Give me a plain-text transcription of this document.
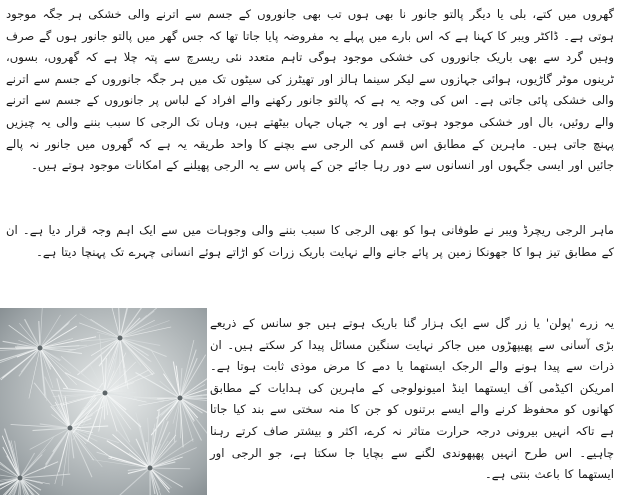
گھروں میں کتے، بلی یا دیگر پالتو جانور نا بھی ہوں تب بھی جانوروں کے جسم سے اترنے والی خشکی ہر جگہ موجود ہوتی ہے۔ ڈاکٹر ویبر کا کہنا ہے کہ اس بارے میں پہلے یہ مفروضہ پایا جاتا تھا کہ جس گھر میں پالتو جانور ہوں گے صرف وہیں گرد سے بھی باریک جانوروں کی خشکی موجود ہوگی تاہم متعدد نئی ریسرچ سے پتہ چلا ہے کہ گھروں، بسوں، ٹرینوں موٹر گاڑیوں، ہوائی جہازوں سے لیکر سینما ہالز اور تھیٹرز کی سیٹوں تک میں ہر جگہ جانوروں کے جسم سے اترنے والی خشکی پائی جاتی ہے۔ اس کی وجہ یہ ہے کہ پالتو جانور رکھنے والے افراد کے لباس پر جانوروں کے جسم سے اترنے والے روئیں، بال اور خشکی موجود ہوتی ہے اور یہ جہاں جہاں بیٹھتے ہیں، وہاں تک الرجی کا سبب بننے والی یہ چیزیں پہنچ جاتی ہیں۔ ماہرین کے مطابق اس قسم کی الرجی سے بچنے کا واحد طریقہ یہ ہے کہ گھروں میں جانور نہ پالے جائیں اور ایسی جگہوں اور انسانوں سے دور رہا جائے جن کے پاس سے یہ الرجی پھیلنے کے امکانات موجود ہوتے ہیں۔

ماہر الرجی ریچرڈ ویبر نے طوفانی ہوا کو بھی الرجی کا سبب بننے والی وجوہات میں سے ایک اہم وجہ قرار دیا ہے۔ ان کے مطابق تیز ہوا کا جھونکا زمین پر پائے جانے والے نہایت باریک زرات کو اڑاتے ہوئے انسانی چہرے تک پہنچا دیتا ہے۔

یہ زرے 'پولن' یا زر گل سے ایک ہزار گنا باریک ہوتے ہیں جو سانس کے ذریعے بڑی آسانی سے پھیپھڑوں میں جاکر نہایت سنگین مسائل پیدا کر سکتے ہیں۔ ان ذرات سے پیدا ہونے والے الرجک ایستھما یا دمے کا مرض موذی ثابت ہوتا ہے۔ امریکن اکیڈمی آف ایستھما اینڈ امیونولوجی کے ماہرین کی ہدایات کے مطابق کھانوں کو محفوظ کرنے والے ایسے برتنوں کو جن کا منہ سختی سے بند کیا جاتا ہے تاکہ انہیں بیرونی درجہ حرارت متاثر نہ کرے، اکثر و بیشتر صاف کرتے رہنا چاہیے۔ اس طرح انہیں پھپھوندی لگنے سے بچایا جا سکتا ہے، جو الرجی اور ایستھما کا باعث بنتی ہے۔
